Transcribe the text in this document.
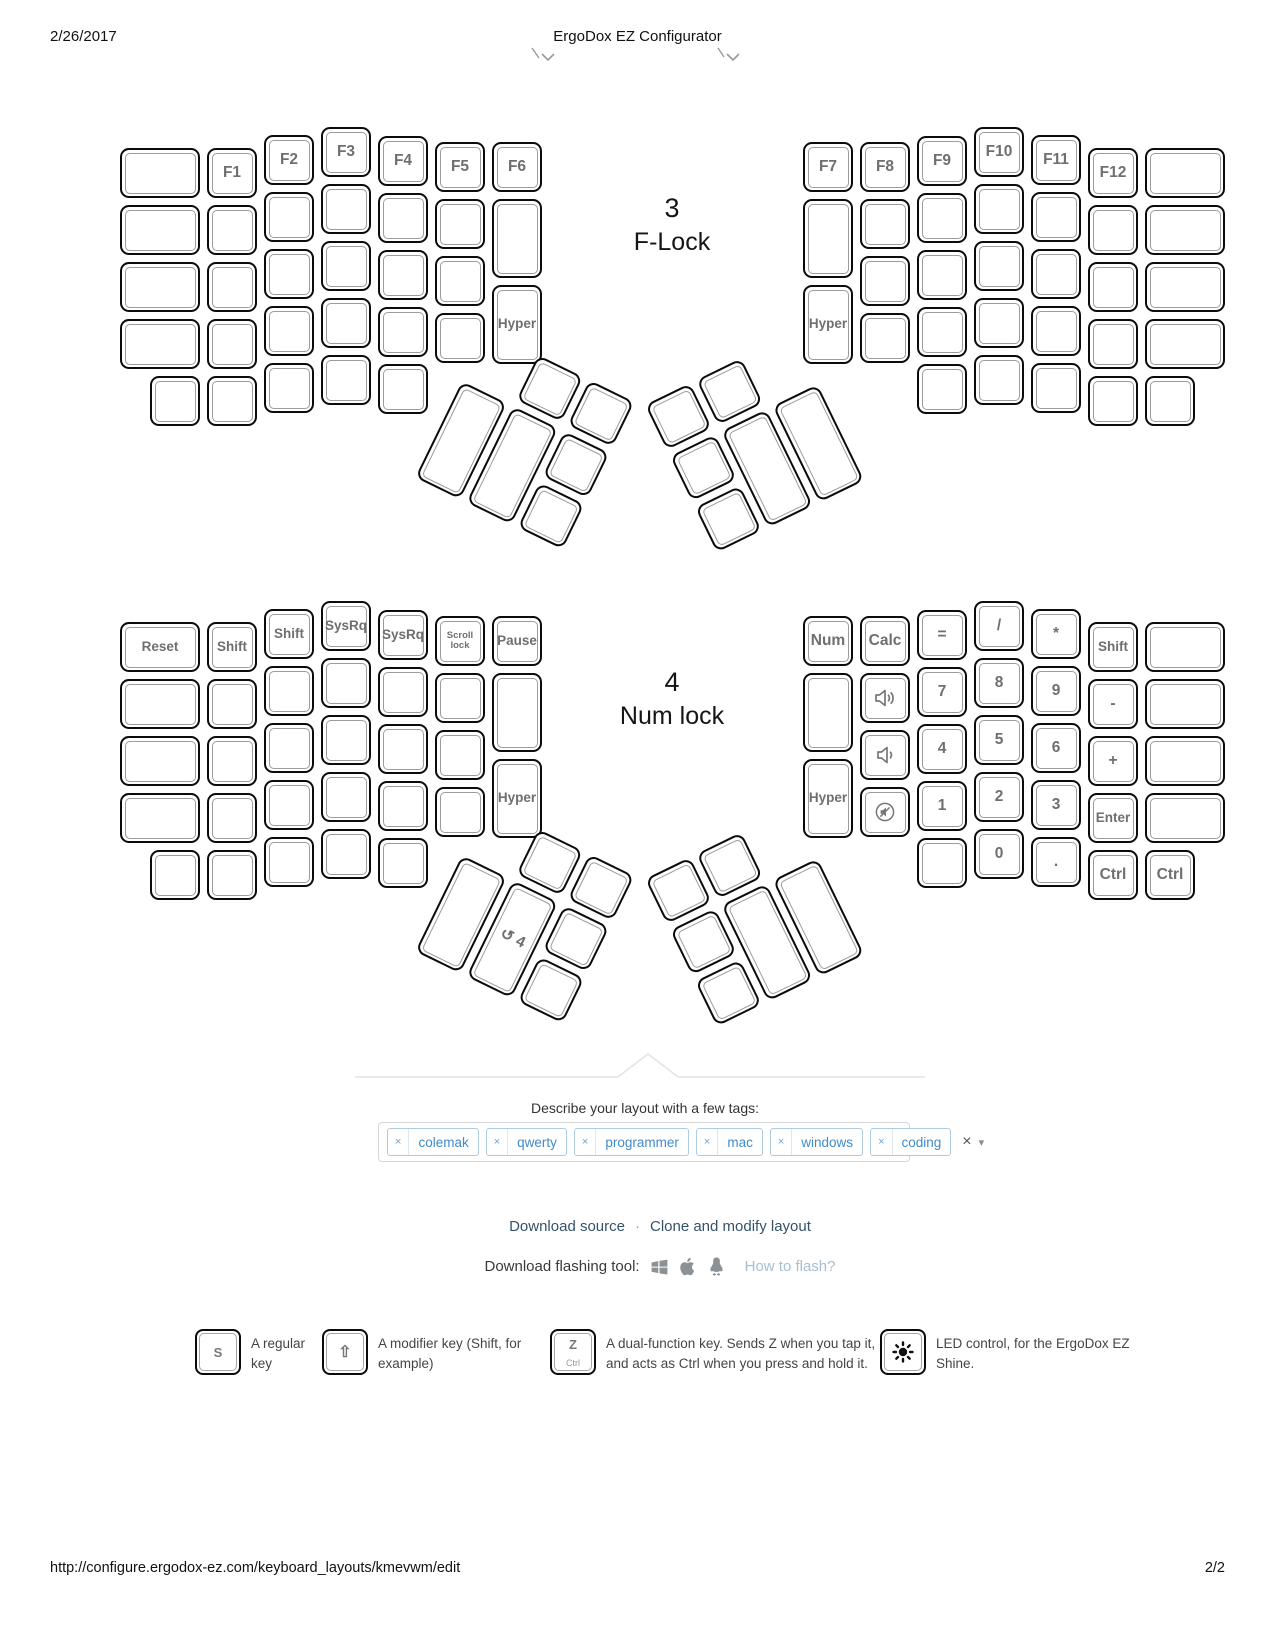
2/26/2017	ErgoDox EZ Configurator
3
F-Lock
F1
F2	F3
F4	F5	F6
Hyper
F7	F8	F9
F10	F11
F12
Hyper
4
Num lock
Reset	Shift
Shift
SysRq
SysRq	Scroll lock	Pause
Hyper
↺ 4
Num	Calc	=
/	*
Shift
7
8	9
-
Hyper
4
5	6
+
1
2	3
Enter
0	.
Ctrl	Ctrl
Describe your layout with a few tags:
×	colemak	×	qwerty	×	programmer	×	mac	×	windows	×	coding	× ▾
Download source · Clone and modify layout
Download flashing tool:	How to flash?
S
A regular key
⇧
A modifier key (Shift, for example)
Z
Ctrl
A dual-function key. Sends Z when you tap it, and acts as Ctrl when you press and hold it.
LED control, for the ErgoDox EZ Shine.
http://configure.ergodox-ez.com/keyboard_layouts/kmevwm/edit	2/2
